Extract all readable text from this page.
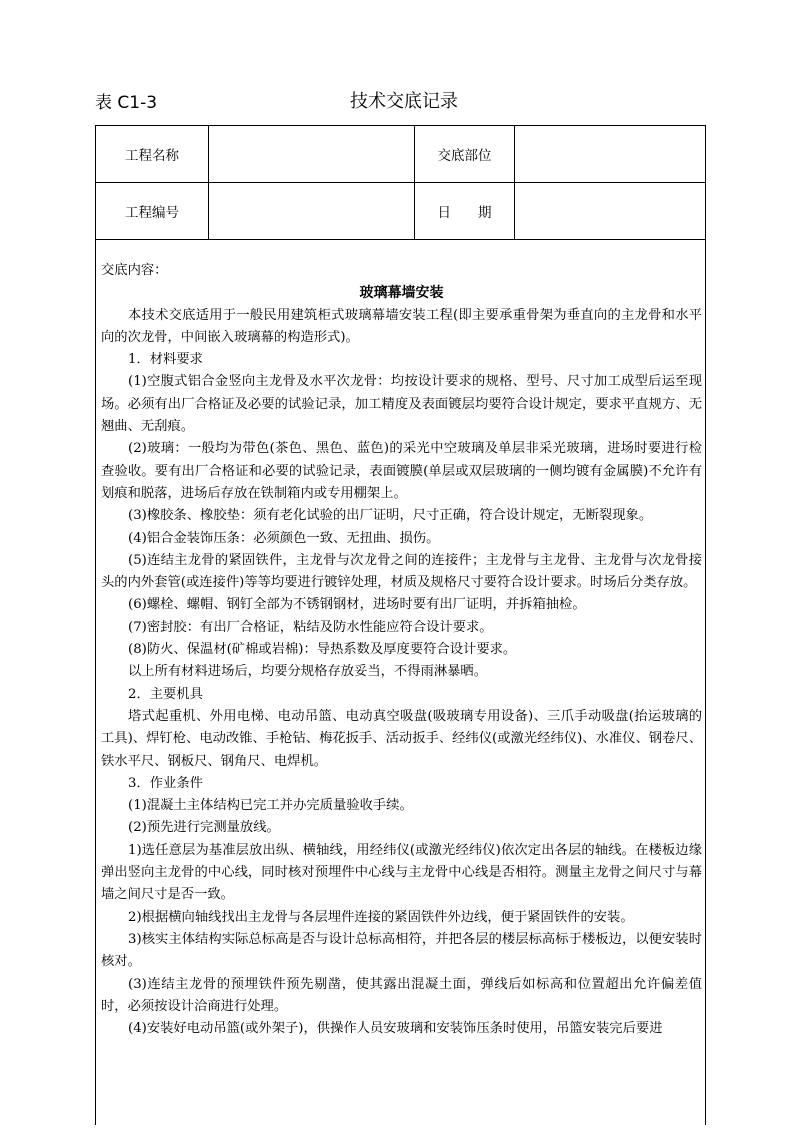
表 C1-3	技术交底记录
工程名称	交底部位
工程编号	日　　期
交底内容：
玻璃幕墙安装

本技术交底适用于一般民用建筑柜式玻璃幕墙安装工程(即主要承重骨架为垂直向的主龙骨和水平向的次龙骨，中间嵌入玻璃幕的构造形式)。

1．材料要求

(1)空腹式铝合金竖向主龙骨及水平次龙骨：均按设计要求的规格、型号、尺寸加工成型后运至现场。必须有出厂合格证及必要的试验记录，加工精度及表面镀层均要符合设计规定，要求平直规方、无翘曲、无刮痕。

(2)玻璃：一般均为带色(茶色、黑色、蓝色)的采光中空玻璃及单层非采光玻璃，进场时要进行检查验收。要有出厂合格证和必要的试验记录，表面镀膜(单层或双层玻璃的一侧均镀有金属膜)不允许有划痕和脱落，进场后存放在铁制箱内或专用棚架上。

(3)橡胶条、橡胶垫：须有老化试验的出厂证明，尺寸正确，符合设计规定，无断裂现象。

(4)铝合金装饰压条：必须颜色一致、无扭曲、损伤。

(5)连结主龙骨的紧固铁件，主龙骨与次龙骨之间的连接件；主龙骨与主龙骨、主龙骨与次龙骨接头的内外套管(或连接件)等等均要进行镀锌处理，材质及规格尺寸要符合设计要求。时场后分类存放。

(6)螺栓、螺帽、钢钉全部为不锈钢钢材，进场时要有出厂证明，并拆箱抽检。

(7)密封胶：有出厂合格证，粘结及防水性能应符合设计要求。

(8)防火、保温材(矿棉或岩棉)：导热系数及厚度要符合设计要求。

以上所有材料进场后，均要分规格存放妥当，不得雨淋暴晒。

2．主要机具

塔式起重机、外用电梯、电动吊篮、电动真空吸盘(吸玻璃专用设备)、三爪手动吸盘(抬运玻璃的工具)、焊钉枪、电动改锥、手枪钻、梅花扳手、活动扳手、经纬仪(或激光经纬仪)、水准仪、钢卷尺、铁水平尺、钢板尺、钢角尺、电焊机。

3．作业条件

(1)混凝土主体结构已完工并办完质量验收手续。

(2)预先进行完测量放线。

1)选任意层为基准层放出纵、横轴线，用经纬仪(或激光经纬仪)依次定出各层的轴线。在楼板边缘弹出竖向主龙骨的中心线，同时核对预埋件中心线与主龙骨中心线是否相符。测量主龙骨之间尺寸与幕墙之间尺寸是否一致。

2)根据横向轴线找出主龙骨与各层埋件连接的紧固铁件外边线，便于紧固铁件的安装。

3)核实主体结构实际总标高是否与设计总标高相符，并把各层的楼层标高标于楼板边，以便安装时核对。

(3)连结主龙骨的预埋铁件预先剔凿，使其露出混凝土面，弹线后如标高和位置超出允许偏差值时，必须按设计洽商进行处理。

(4)安装好电动吊篮(或外架子)，供操作人员安玻璃和安装饰压条时使用，吊篮安装完后要进
